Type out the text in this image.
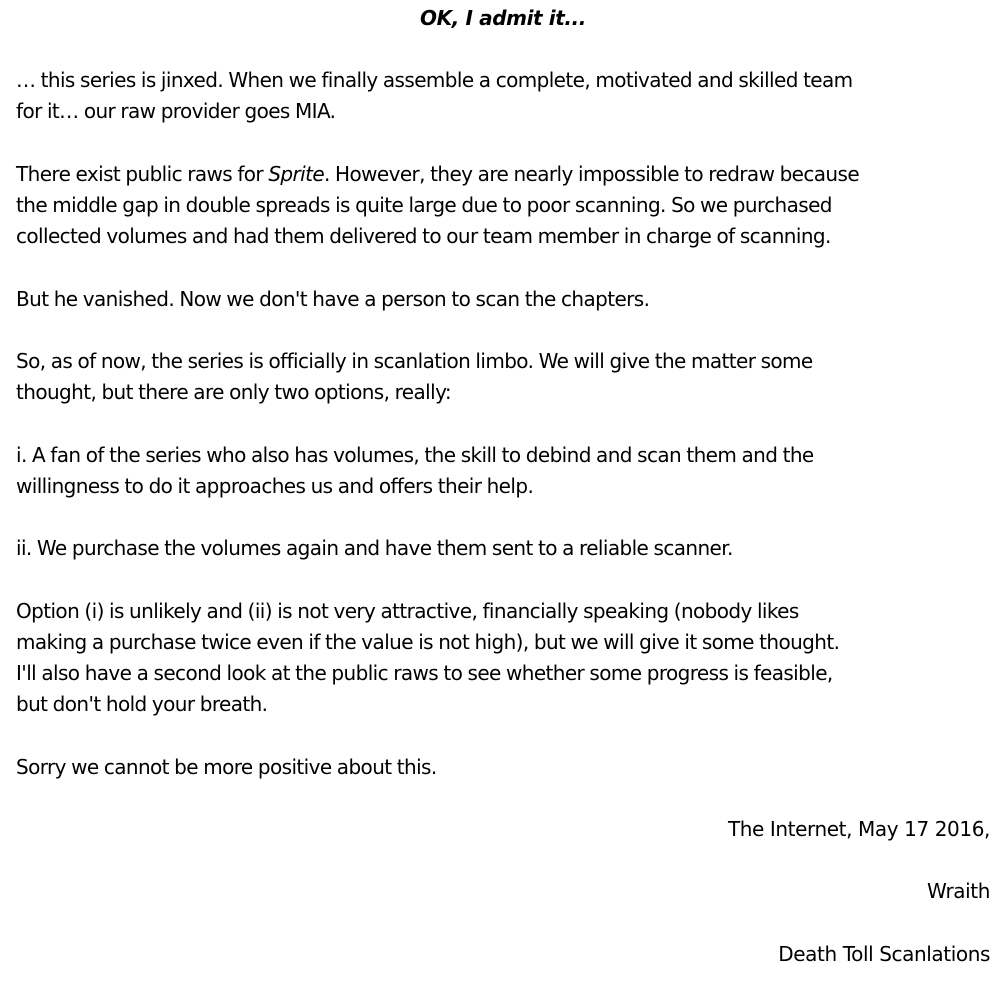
OK, I admit it...
… this series is jinxed. When we finally assemble a complete, motivated and skilled team
for it… our raw provider goes MIA.
There exist public raws for Sprite. However, they are nearly impossible to redraw because
the middle gap in double spreads is quite large due to poor scanning. So we purchased
collected volumes and had them delivered to our team member in charge of scanning.
But he vanished. Now we don't have a person to scan the chapters.
So, as of now, the series is officially in scanlation limbo. We will give the matter some
thought, but there are only two options, really:
i. A fan of the series who also has volumes, the skill to debind and scan them and the
willingness to do it approaches us and offers their help.
ii. We purchase the volumes again and have them sent to a reliable scanner.
Option (i) is unlikely and (ii) is not very attractive, financially speaking (nobody likes
making a purchase twice even if the value is not high), but we will give it some thought.
I'll also have a second look at the public raws to see whether some progress is feasible,
but don't hold your breath.
Sorry we cannot be more positive about this.
The Internet, May 17 2016,
Wraith
Death Toll Scanlations
